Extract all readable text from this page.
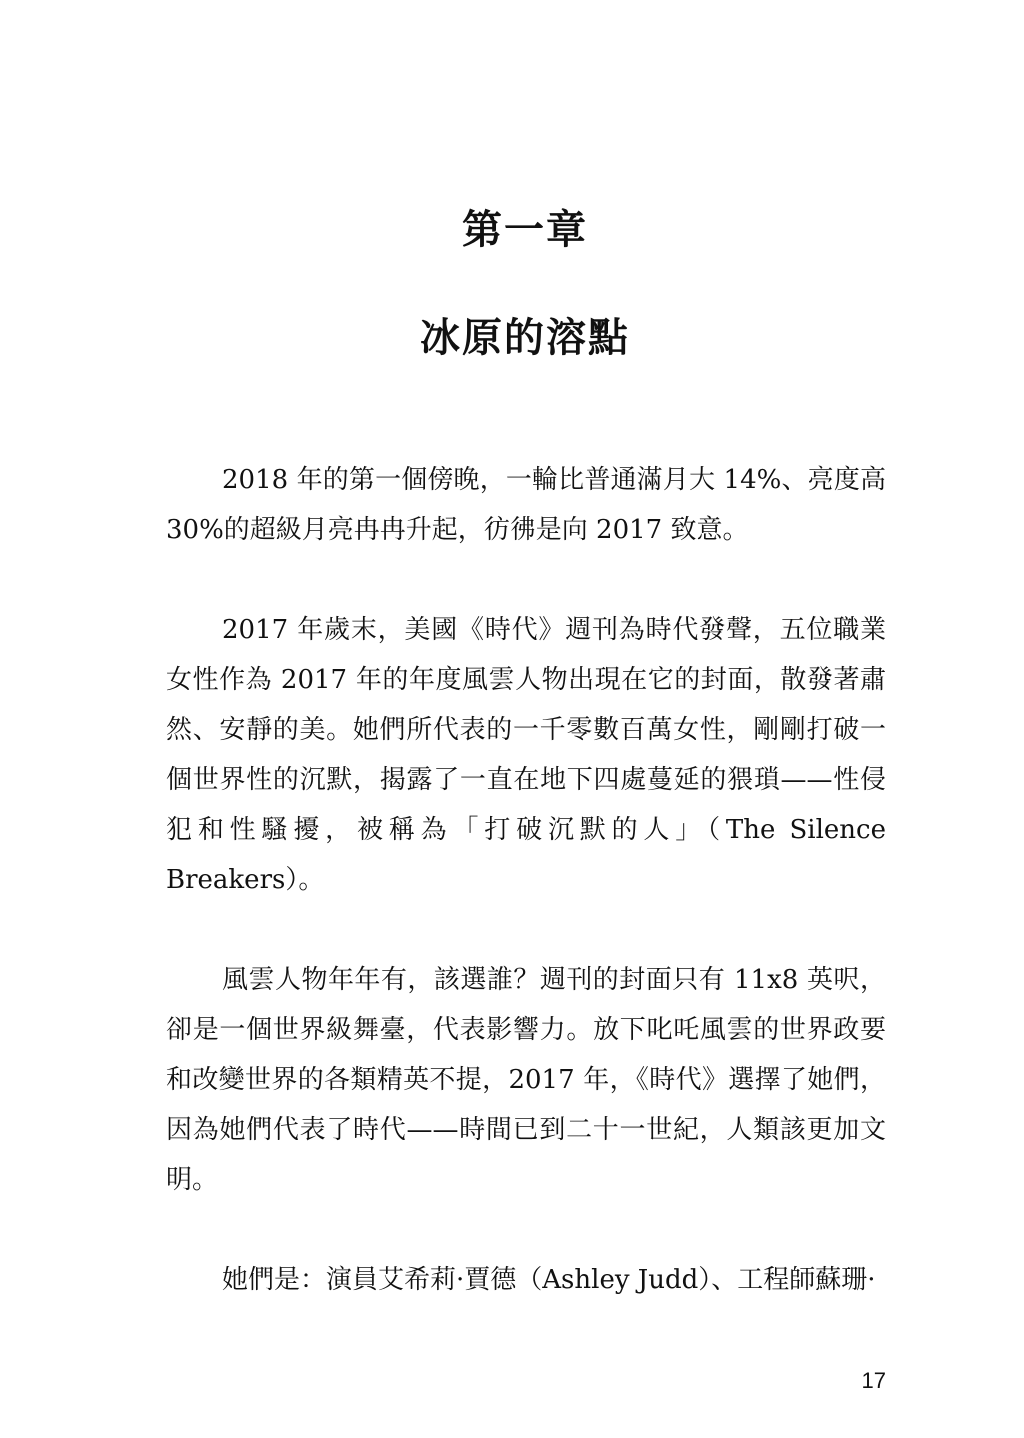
第一章
冰原的溶點

2018 年的第一個傍晚，一輪比普通滿月大 14%、亮度高 30%的超級月亮冉冉升起，彷彿是向 2017 致意。

2017 年歲末，美國《時代》週刊為時代發聲，五位職業女性作為 2017 年的年度風雲人物出現在它的封面，散發著肅然、安靜的美。她們所代表的一千零數百萬女性，剛剛打破一個世界性的沉默，揭露了一直在地下四處蔓延的猥瑣——性侵犯和性騷擾，被稱為「打破沉默的人」（The Silence Breakers）。

風雲人物年年有，該選誰？週刊的封面只有 11x8 英呎，卻是一個世界級舞臺，代表影響力。放下叱吒風雲的世界政要和改變世界的各類精英不提，2017 年，《時代》選擇了她們，因為她們代表了時代——時間已到二十一世紀，人類該更加文明。

她們是：演員艾希莉·賈德（Ashley Judd）、工程師蘇珊·

17
